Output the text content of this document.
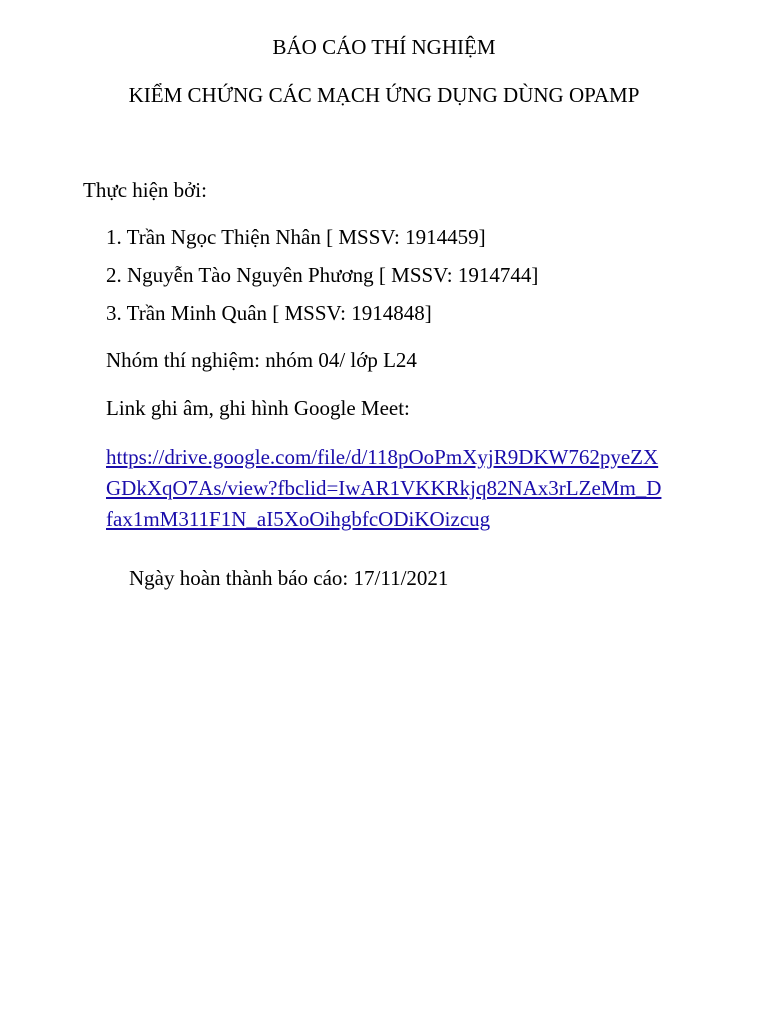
BÁO CÁO THÍ NGHIỆM
KIỂM CHỨNG CÁC MẠCH ỨNG DỤNG DÙNG OPAMP
Thực hiện bởi:
1. Trần Ngọc Thiện Nhân [ MSSV: 1914459]
2. Nguyễn Tào Nguyên Phương [ MSSV: 1914744]
3. Trần Minh Quân [ MSSV: 1914848]
Nhóm thí nghiệm: nhóm 04/ lớp L24
Link ghi âm, ghi hình Google Meet:
https://drive.google.com/file/d/118pOoPmXyjR9DKW762pyeZX
GDkXqO7As/view?fbclid=IwAR1VKKRkjq82NAx3rLZeMm_D
fax1mM311F1N_aI5XoOihgbfcODiKOizcug
Ngày hoàn thành báo cáo: 17/11/2021
